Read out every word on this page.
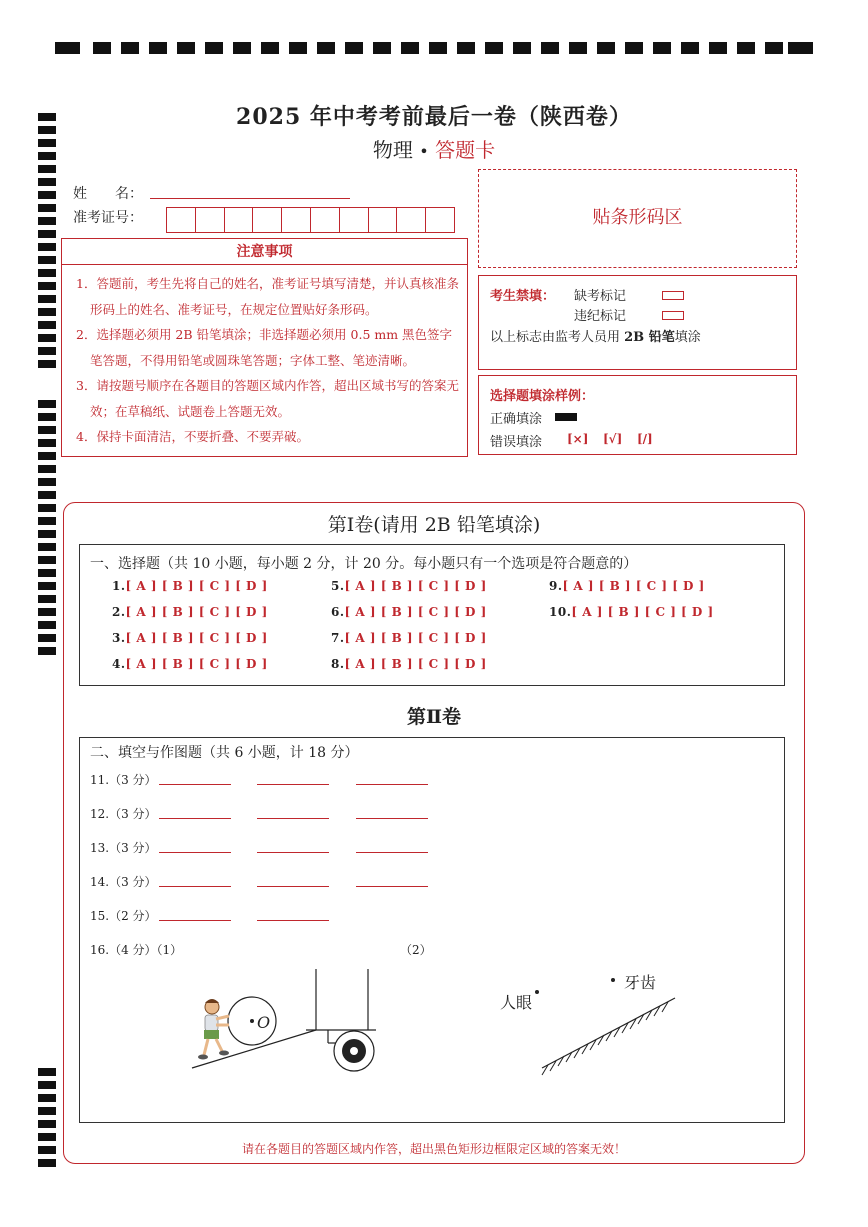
2025 年中考考前最后一卷（陕西卷）
物理 • 答题卡
姓　　名：
准考证号：
注意事项
1．答题前，考生先将自己的姓名，准考证号填写清楚，并认真核准条形码上的姓名、准考证号，在规定位置贴好条形码。
2．选择题必须用 2B 铅笔填涂；非选择题必须用 0.5 mm 黑色签字笔答题，不得用铅笔或圆珠笔答题；字体工整、笔迹清晰。
3．请按题号顺序在各题目的答题区域内作答，超出区域书写的答案无效；在草稿纸、试题卷上答题无效。
4．保持卡面清洁，不要折叠、不要弄破。
贴条形码区
考生禁填： 缺考标记
违纪标记
以上标志由监考人员用 2B 铅笔填涂
选择题填涂样例：
正确填涂
错误填涂 [×] [√] [/]
第Ⅰ卷(请用 2B 铅笔填涂)
一、选择题（共 10 小题，每小题 2 分，计 20 分。每小题只有一个选项是符合题意的）
1.[ A ] [ B ] [ C ] [ D ]
2.[ A ] [ B ] [ C ] [ D ]
3.[ A ] [ B ] [ C ] [ D ]
4.[ A ] [ B ] [ C ] [ D ]
5.[ A ] [ B ] [ C ] [ D ]
6.[ A ] [ B ] [ C ] [ D ]
7.[ A ] [ B ] [ C ] [ D ]
8.[ A ] [ B ] [ C ] [ D ]
9.[ A ] [ B ] [ C ] [ D ]
10.[ A ] [ B ] [ C ] [ D ]
第Ⅱ卷
二、填空与作图题（共 6 小题，计 18 分）
11.（3 分）
12.（3 分）
13.（3 分）
14.（3 分）
15.（2 分）
16.（4 分）（1）	（2）
O
人眼
牙齿
请在各题目的答题区域内作答，超出黑色矩形边框限定区域的答案无效！
